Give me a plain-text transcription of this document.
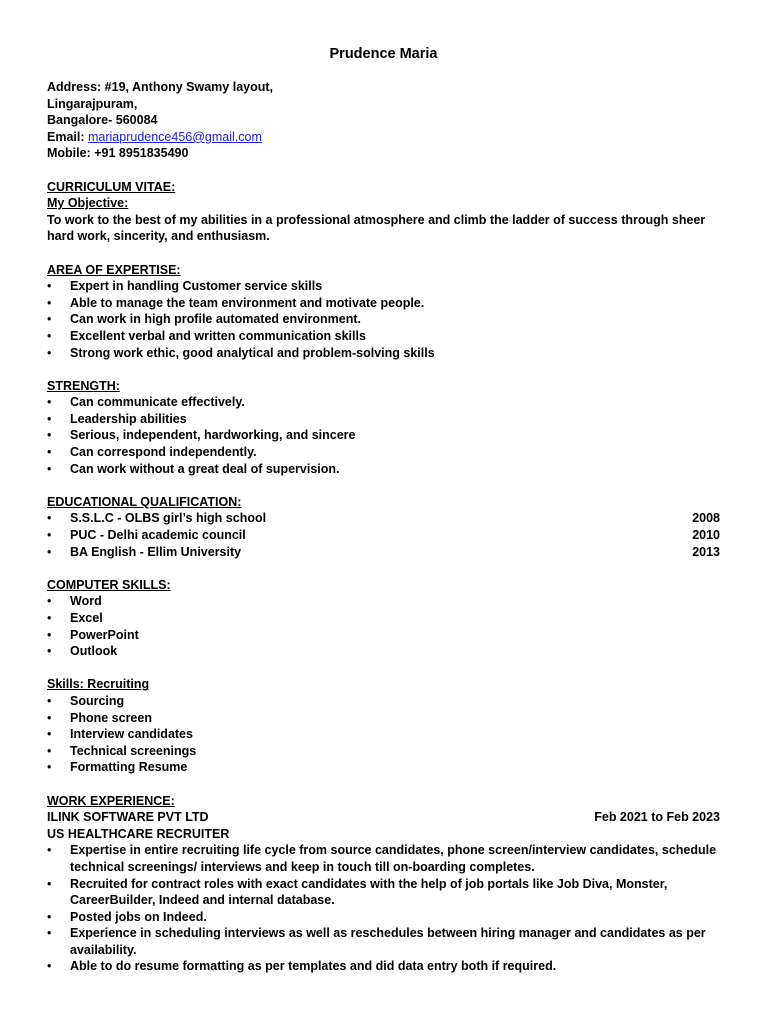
Prudence Maria
Address: #19, Anthony Swamy layout,
Lingarajpuram,
Bangalore- 560084
Email: mariaprudence456@gmail.com
Mobile: +91 8951835490
CURRICULUM VITAE:
My Objective:
To work to the best of my abilities in a professional atmosphere and climb the ladder of success through sheer hard work, sincerity, and enthusiasm.
AREA OF EXPERTISE:
•	Expert in handling Customer service skills
•	Able to manage the team environment and motivate people.
•	Can work in high profile automated environment.
•	Excellent verbal and written communication skills
•	Strong work ethic, good analytical and problem-solving skills
STRENGTH:
•	Can communicate effectively.
•	Leadership abilities
•	Serious, independent, hardworking, and sincere
•	Can correspond independently.
•	Can work without a great deal of supervision.
EDUCATIONAL QUALIFICATION:
•	S.S.L.C - OLBS girl’s high school	2008
•	PUC - Delhi academic council	2010
•	BA English - Ellim University	2013
COMPUTER SKILLS:
•	Word
•	Excel
•	PowerPoint
•	Outlook
Skills: Recruiting
•	Sourcing
•	Phone screen
•	Interview candidates
•	Technical screenings
•	Formatting Resume
WORK EXPERIENCE:
ILINK SOFTWARE PVT LTD	Feb 2021 to Feb 2023
US HEALTHCARE RECRUITER
•	Expertise in entire recruiting life cycle from source candidates, phone screen/interview candidates, schedule
technical screenings/ interviews and keep in touch till on-boarding completes.
•	Recruited for contract roles with exact candidates with the help of job portals like Job Diva, Monster,
CareerBuilder, Indeed and internal database.
•	Posted jobs on Indeed.
•	Experience in scheduling interviews as well as reschedules between hiring manager and candidates as per
availability.
•	Able to do resume formatting as per templates and did data entry both if required.
